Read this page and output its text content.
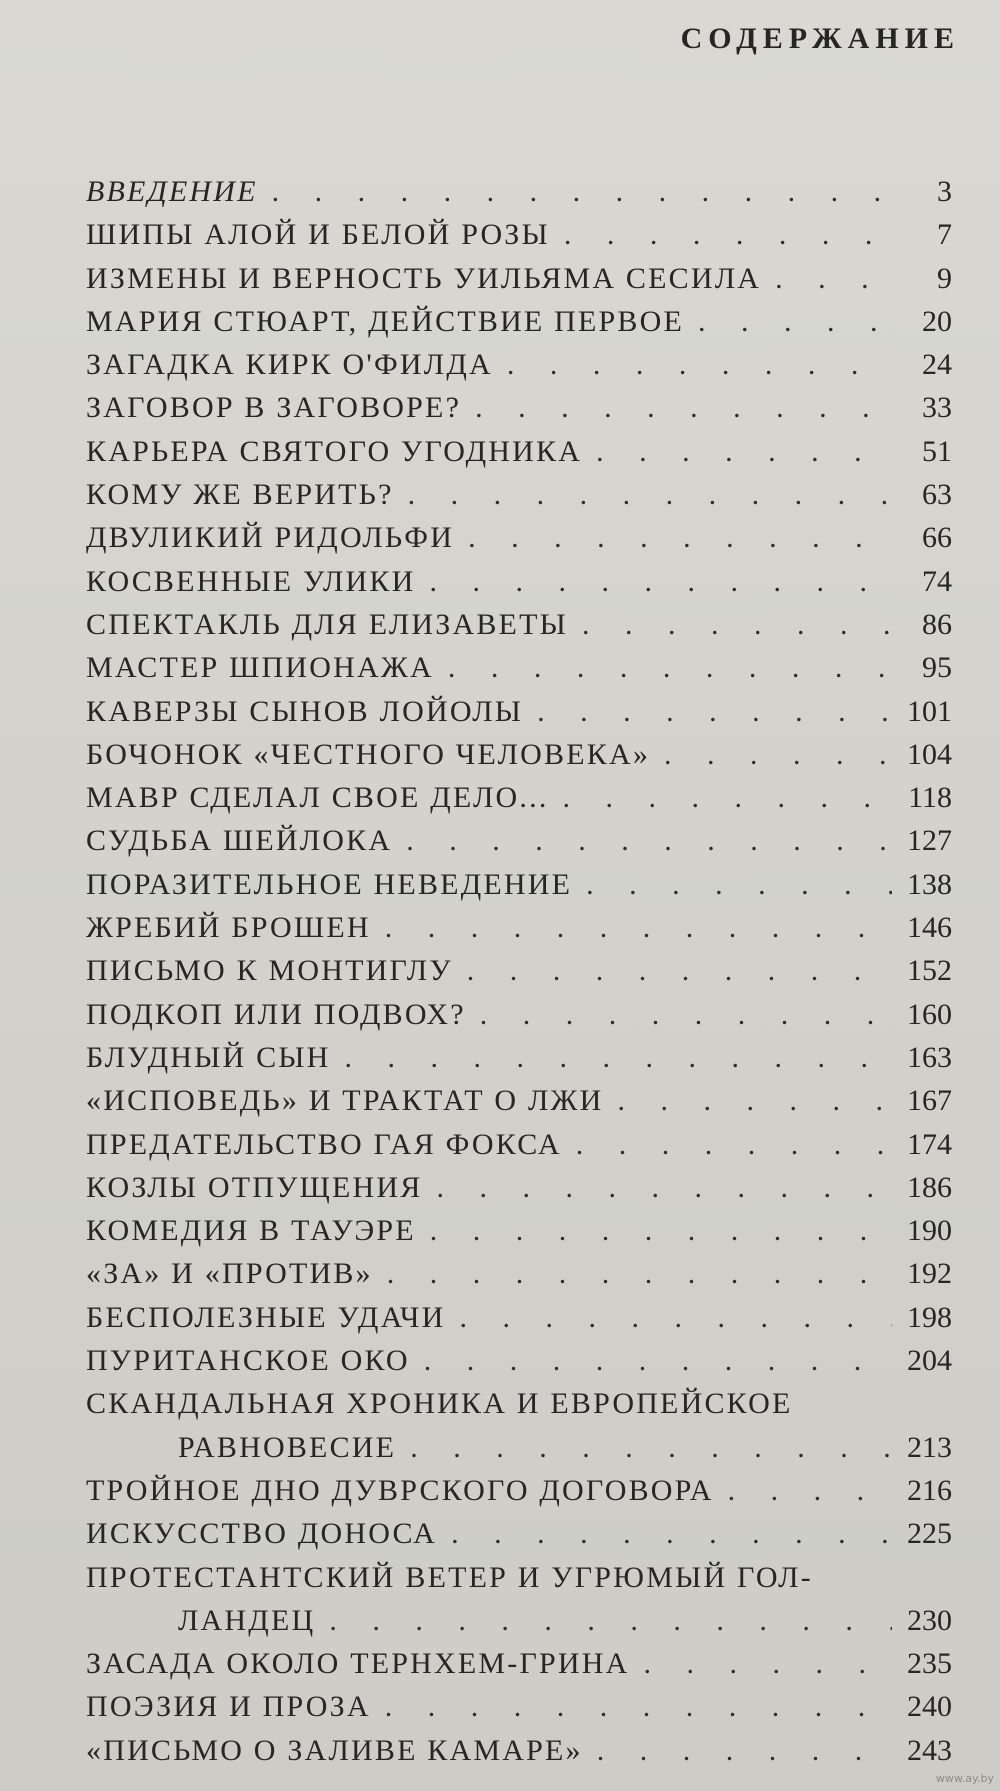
СОДЕРЖАНИЕ
ВВЕДЕНИЕ . . .	3
ШИПЫ АЛОЙ И БЕЛОЙ РОЗЫ . . .	7
ИЗМЕНЫ И ВЕРНОСТЬ УИЛЬЯМА СЕСИЛА . . .	9
МАРИЯ СТЮАРТ, ДЕЙСТВИЕ ПЕРВОЕ . . .	20
ЗАГАДКА КИРК О'ФИЛДА . . .	24
ЗАГОВОР В ЗАГОВОРЕ? . . .	33
КАРЬЕРА СВЯТОГО УГОДНИКА . . .	51
КОМУ ЖЕ ВЕРИТЬ? . . .	63
ДВУЛИКИЙ РИДОЛЬФИ . . .	66
КОСВЕННЫЕ УЛИКИ . . .	74
СПЕКТАКЛЬ ДЛЯ ЕЛИЗАВЕТЫ . . .	86
МАСТЕР ШПИОНАЖА . . .	95
КАВЕРЗЫ СЫНОВ ЛОЙОЛЫ . . .	101
БОЧОНОК «ЧЕСТНОГО ЧЕЛОВЕКА» . . .	104
МАВР СДЕЛАЛ СВОЕ ДЕЛО... . . .	118
СУДЬБА ШЕЙЛОКА . . .	127
ПОРАЗИТЕЛЬНОЕ НЕВЕДЕНИЕ . . .	138
ЖРЕБИЙ БРОШЕН . . .	146
ПИСЬМО К МОНТИГЛУ . . .	152
ПОДКОП ИЛИ ПОДВОХ? . . .	160
БЛУДНЫЙ СЫН . . .	163
«ИСПОВЕДЬ» И ТРАКТАТ О ЛЖИ . . .	167
ПРЕДАТЕЛЬСТВО ГАЯ ФОКСА . . .	174
КОЗЛЫ ОТПУЩЕНИЯ . . .	186
КОМЕДИЯ В ТАУЭРЕ . . .	190
«ЗА» И «ПРОТИВ» . . .	192
БЕСПОЛЕЗНЫЕ УДАЧИ . . .	198
ПУРИТАНСКОЕ ОКО . . .	204
СКАНДАЛЬНАЯ ХРОНИКА И ЕВРОПЕЙСКОЕ
РАВНОВЕСИЕ . . .	213
ТРОЙНОЕ ДНО ДУВРСКОГО ДОГОВОРА . . .	216
ИСКУССТВО ДОНОСА . . .	225
ПРОТЕСТАНТСКИЙ ВЕТЕР И УГРЮМЫЙ ГОЛ-
ЛАНДЕЦ . . .	230
ЗАСАДА ОКОЛО ТЕРНХЕМ-ГРИНА . . .	235
ПОЭЗИЯ И ПРОЗА . . .	240
«ПИСЬМО О ЗАЛИВЕ КАМАРЕ» . . .	243
www.ay.by
